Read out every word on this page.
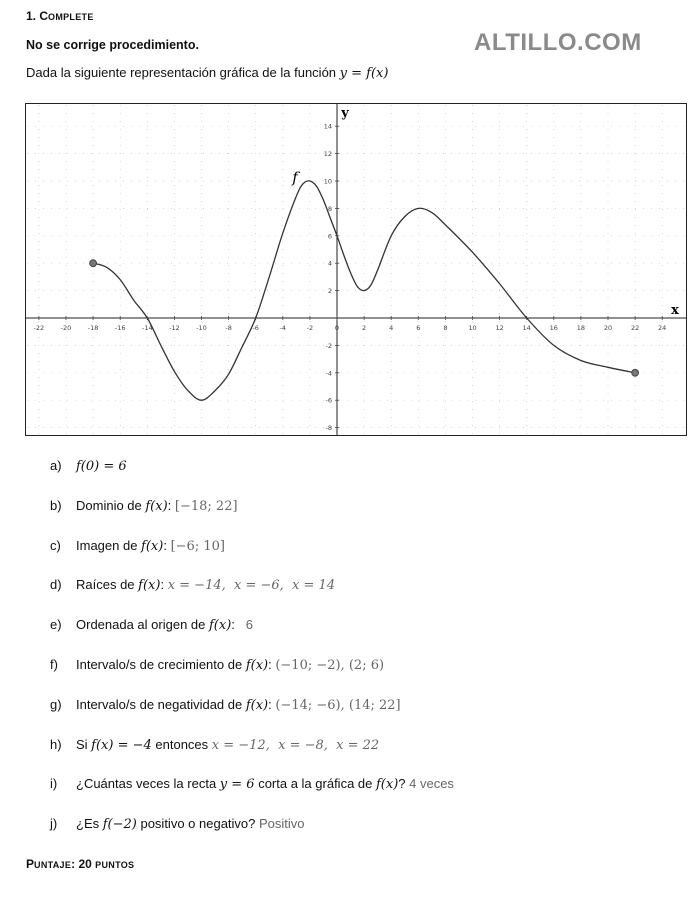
1. COMPLETE
No se corrige procedimiento.	ALTILLO.COM
Dada la siguiente representación gráfica de la función y = f(x)
-22	-20	-18	-16	-14	-12	-10	-8	-6	-4	-2	0	2	4	6	8	10	12	14	16	18	20	22	24
-8
-6
-4
-2
2
4
6
8
10
12
14
x
y
f
a) f(0) = 6
b) Dominio de f(x): [−18; 22]
c) Imagen de f(x): [−6; 10]
d) Raíces de f(x): x = −14,  x = −6,  x = 14
e) Ordenada al origen de f(x):   6
f) Intervalo/s de crecimiento de f(x): (−10; −2), (2; 6)
g) Intervalo/s de negatividad de f(x): (−14; −6), (14; 22]
h) Si f(x) = −4 entonces x = −12,  x = −8,  x = 22
i) ¿Cuántas veces la recta y = 6 corta a la gráfica de f(x)? 4 veces
j) ¿Es f(−2) positivo o negativo? Positivo
PUNTAJE: 20 PUNTOS
